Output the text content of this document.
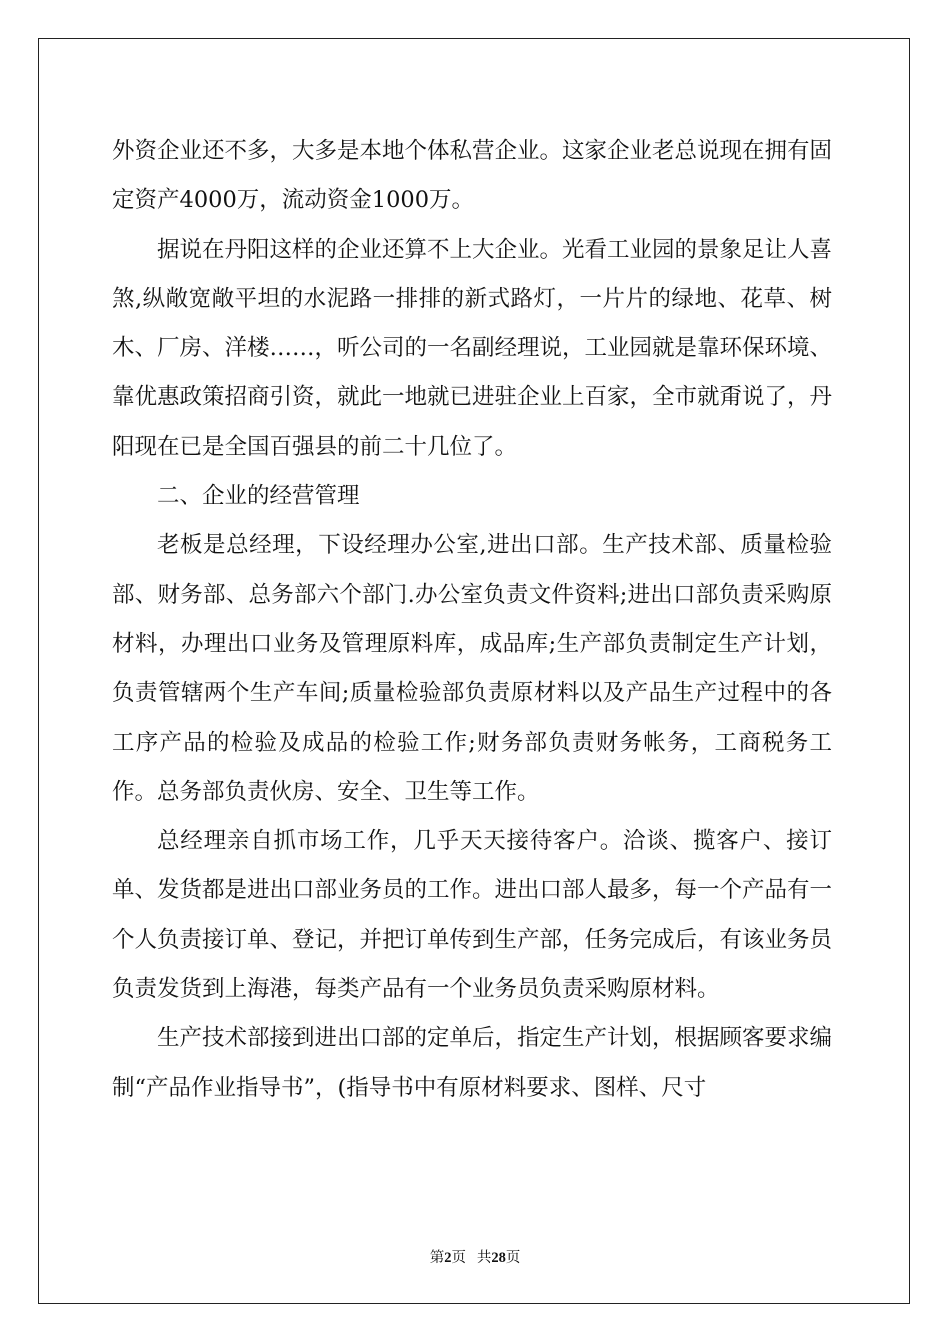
外资企业还不多，大多是本地个体私营企业。这家企业老总说现在拥有固定资产4000万，流动资金1000万。

据说在丹阳这样的企业还算不上大企业。光看工业园的景象足让人喜煞,纵敞宽敞平坦的水泥路一排排的新式路灯，一片片的绿地、花草、树木、厂房、洋楼……，听公司的一名副经理说，工业园就是靠环保环境、靠优惠政策招商引资，就此一地就已进驻企业上百家，全市就甭说了，丹阳现在已是全国百强县的前二十几位了。

二、企业的经营管理

老板是总经理，下设经理办公室,进出口部。生产技术部、质量检验部、财务部、总务部六个部门.办公室负责文件资料;进出口部负责采购原材料，办理出口业务及管理原料库，成品库;生产部负责制定生产计划，负责管辖两个生产车间;质量检验部负责原材料以及产品生产过程中的各工序产品的检验及成品的检验工作;财务部负责财务帐务，工商税务工作。总务部负责伙房、安全、卫生等工作。

总经理亲自抓市场工作，几乎天天接待客户。洽谈、揽客户、接订单、发货都是进出口部业务员的工作。进出口部人最多，每一个产品有一个人负责接订单、登记，并把订单传到生产部，任务完成后，有该业务员负责发货到上海港，每类产品有一个业务员负责采购原材料。

生产技术部接到进出口部的定单后，指定生产计划，根据顾客要求编制“产品作业指导书”，(指导书中有原材料要求、图样、尺寸

第2页 共28页
